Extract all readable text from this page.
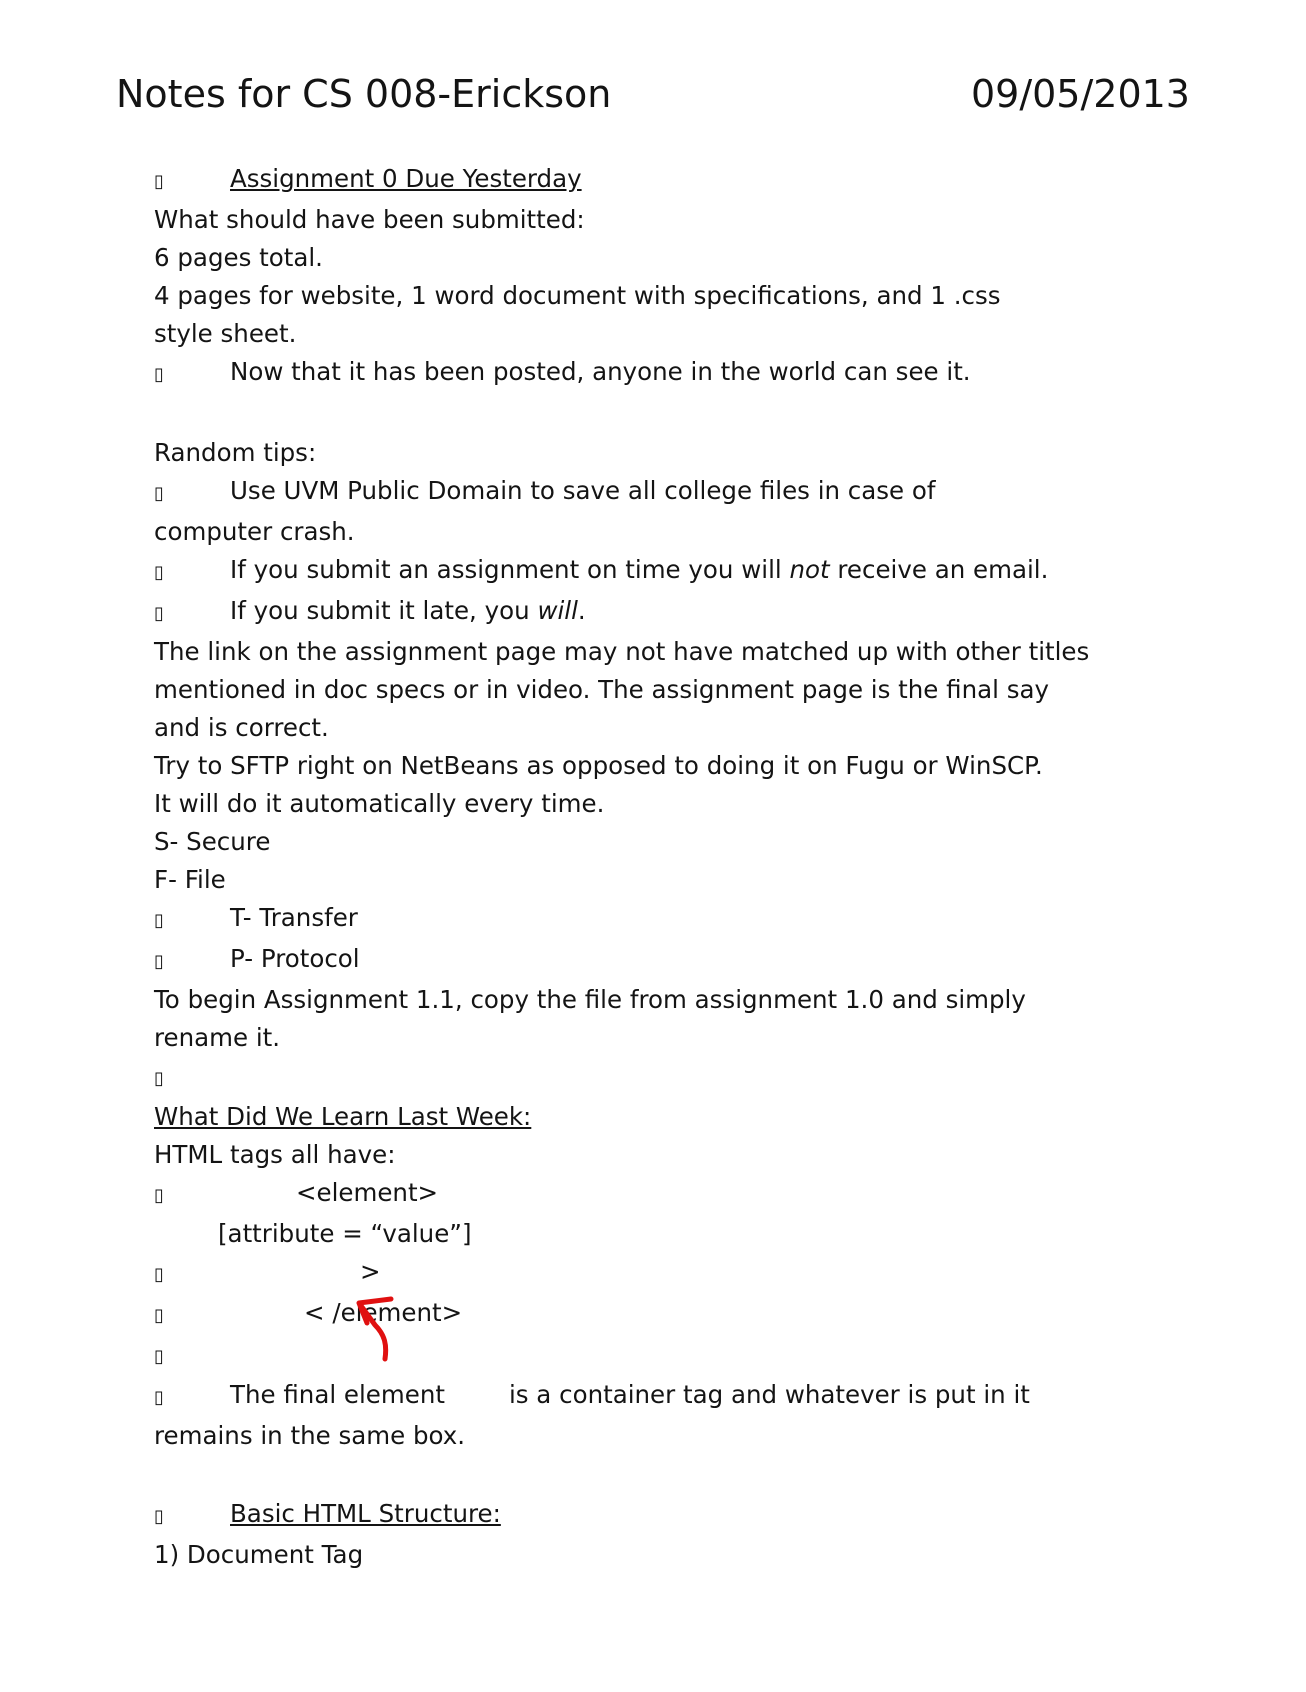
Notes for CS 008-Erickson	09/05/2013
▯	Assignment 0 Due Yesterday
What should have been submitted:
6 pages total.
4 pages for website, 1 word document with specifications, and 1 .css style sheet.
▯	Now that it has been posted, anyone in the world can see it.
Random tips:
▯	Use UVM Public Domain to save all college files in case of computer crash.
▯	If you submit an assignment on time you will not receive an email.
▯	If you submit it late, you will.
The link on the assignment page may not have matched up with other titles mentioned in doc specs or in video. The assignment page is the final say and is correct.
Try to SFTP right on NetBeans as opposed to doing it on Fugu or WinSCP. It will do it automatically every time.
S- Secure
F- File
▯	T- Transfer
▯	P- Protocol
To begin Assignment 1.1, copy the file from assignment 1.0 and simply rename it.
▯
What Did We Learn Last Week:
HTML tags all have:
▯	<element>
[attribute = “value”]
▯	>
▯	< /element>
▯
▯	The final element	is a container tag and whatever is put in it remains in the same box.
▯	Basic HTML Structure:
1) Document Tag
